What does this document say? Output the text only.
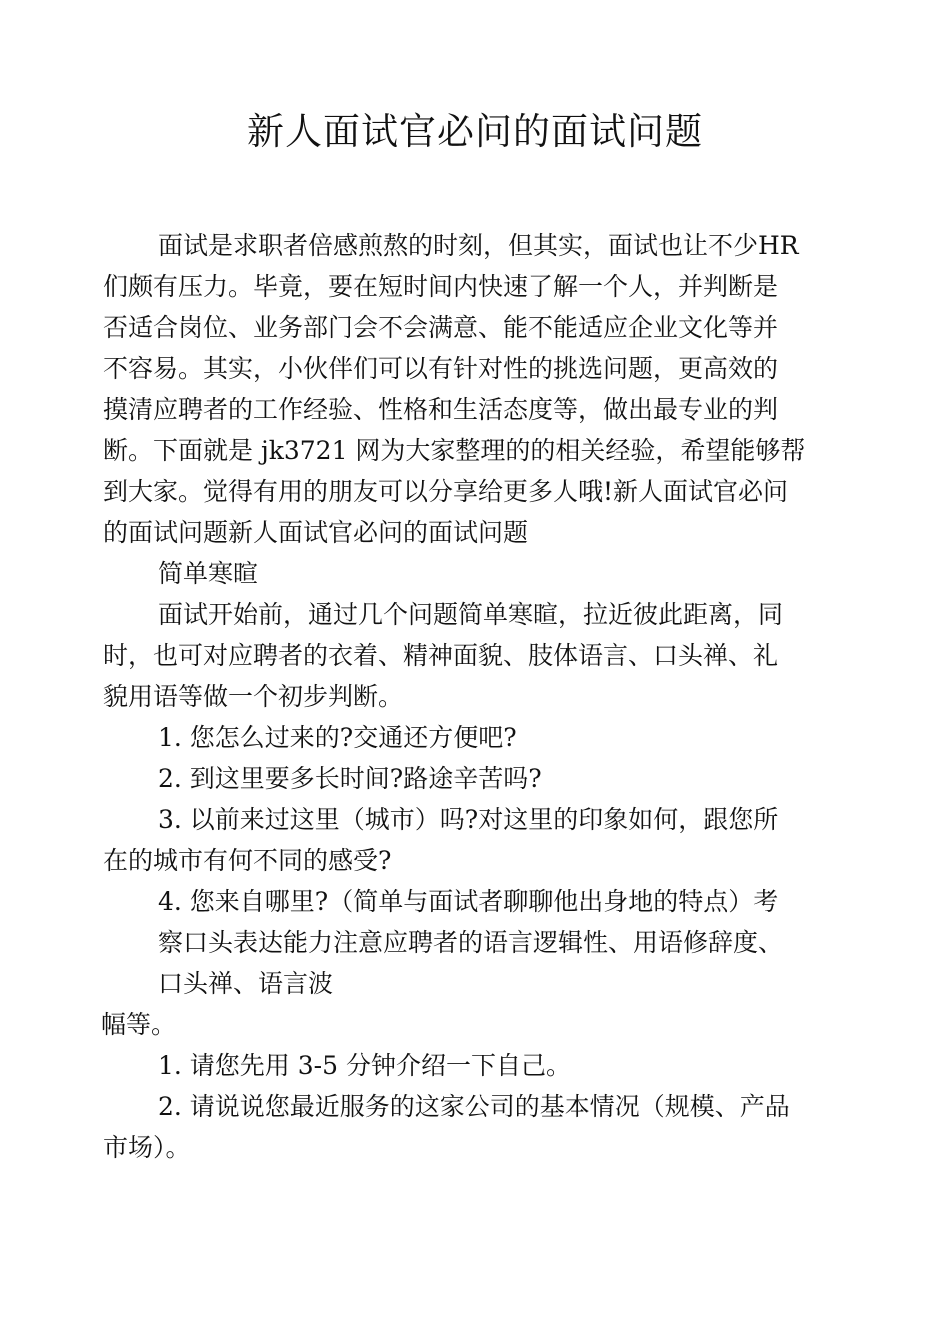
新人面试官必问的面试问题
面试是求职者倍感煎熬的时刻，但其实，面试也让不少HR
们颇有压力。毕竟，要在短时间内快速了解一个人，并判断是
否适合岗位、业务部门会不会满意、能不能适应企业文化等并
不容易。其实，小伙伴们可以有针对性的挑选问题，更高效的
摸清应聘者的工作经验、性格和生活态度等，做出最专业的判
断。下面就是 jk3721 网为大家整理的的相关经验，希望能够帮
到大家。觉得有用的朋友可以分享给更多人哦!新人面试官必问
的面试问题新人面试官必问的面试问题
简单寒暄
面试开始前，通过几个问题简单寒暄，拉近彼此距离，同
时，也可对应聘者的衣着、精神面貌、肢体语言、口头禅、礼
貌用语等做一个初步判断。
1. 您怎么过来的?交通还方便吧?
2. 到这里要多长时间?路途辛苦吗?
3. 以前来过这里（城市）吗?对这里的印象如何，跟您所
在的城市有何不同的感受?
4. 您来自哪里?（简单与面试者聊聊他出身地的特点）考
察口头表达能力注意应聘者的语言逻辑性、用语修辞度、
口头禅、语言波
幅等。
1. 请您先用 3-5 分钟介绍一下自己。
2. 请说说您最近服务的这家公司的基本情况（规模、产品
市场）。
